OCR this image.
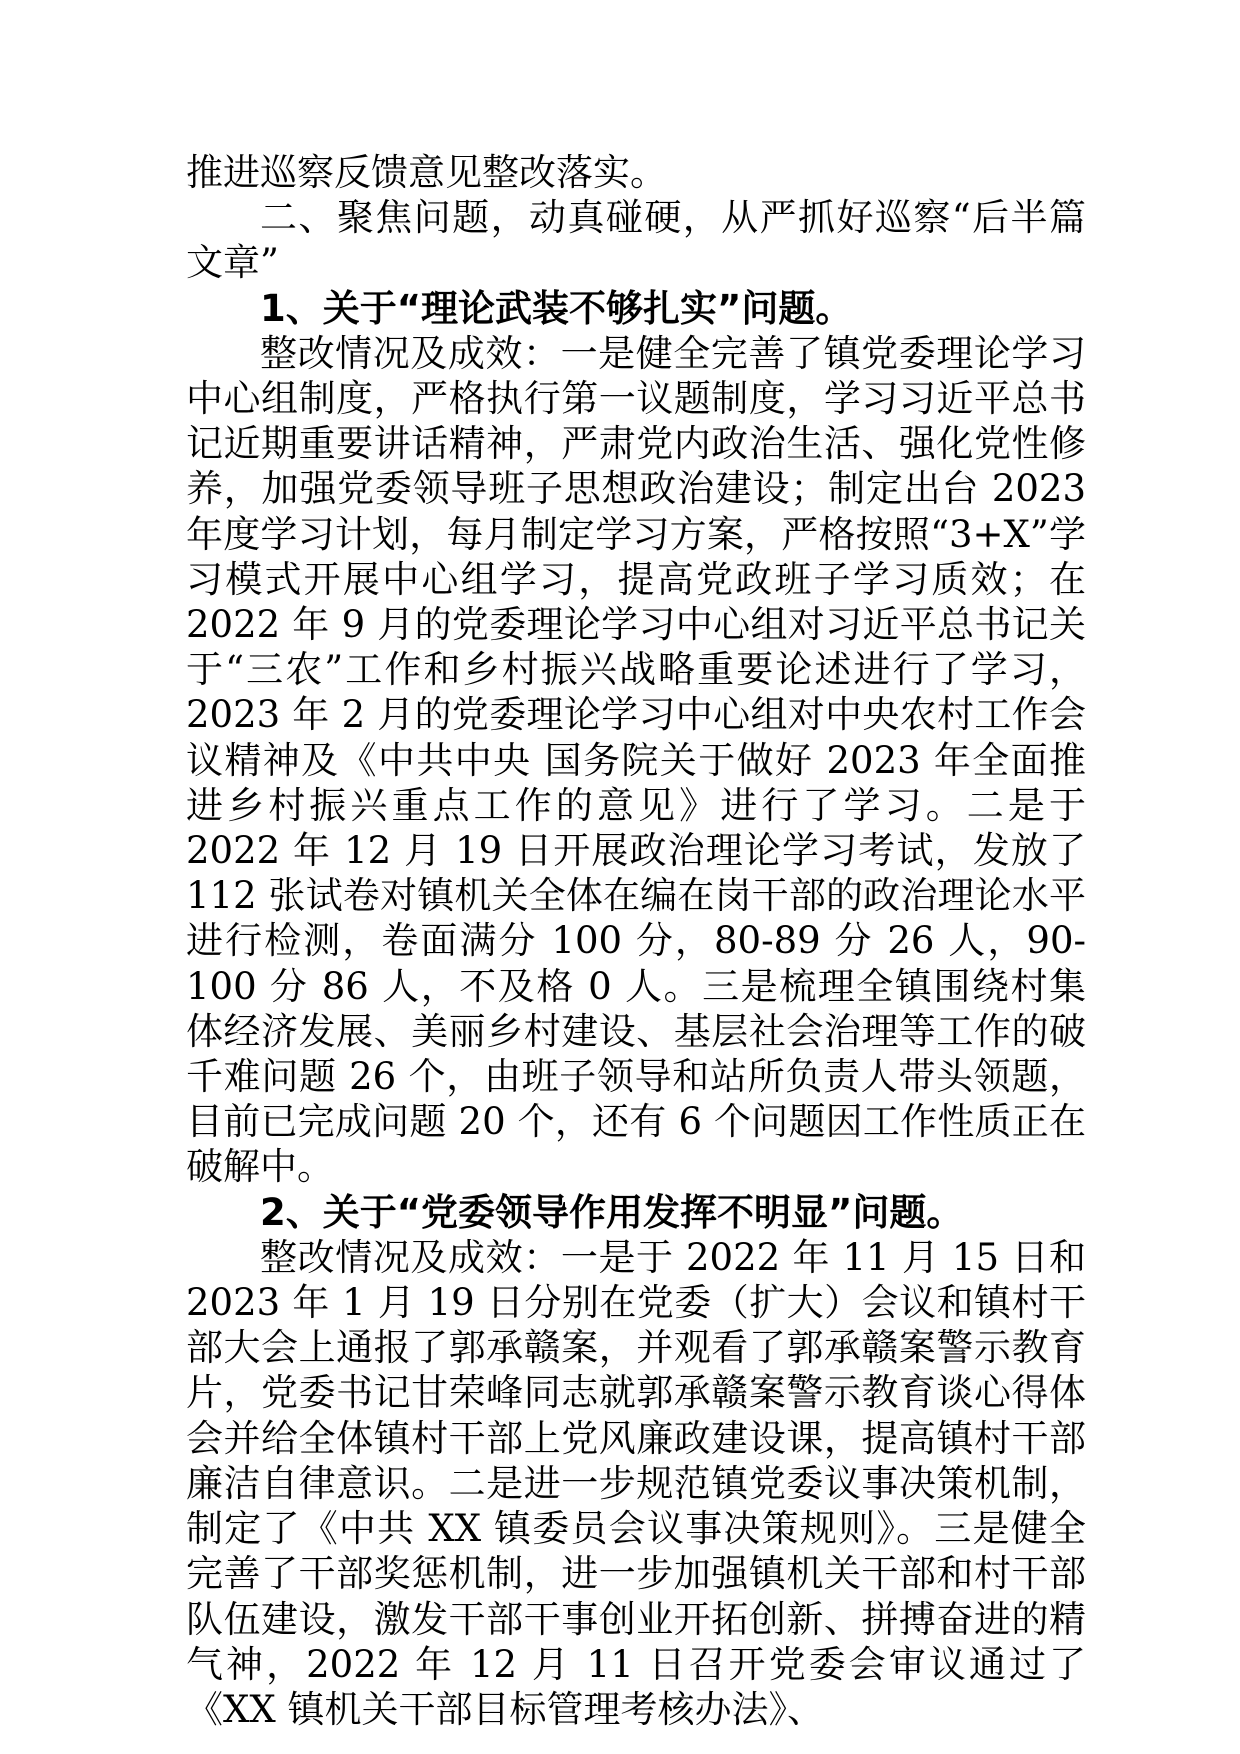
推进巡察反馈意见整改落实。

二、聚焦问题，动真碰硬，从严抓好巡察“后半篇文章”

1、关于“理论武装不够扎实”问题。

整改情况及成效：一是健全完善了镇党委理论学习中心组制度，严格执行第一议题制度，学习习近平总书记近期重要讲话精神，严肃党内政治生活、强化党性修养，加强党委领导班子思想政治建设；制定出台 2023 年度学习计划，每月制定学习方案，严格按照“3+X”学习模式开展中心组学习，提高党政班子学习质效；在 2022 年 9 月的党委理论学习中心组对习近平总书记关于“三农”工作和乡村振兴战略重要论述进行了学习，2023 年 2 月的党委理论学习中心组对中央农村工作会议精神及《中共中央 国务院关于做好 2023 年全面推进乡村振兴重点工作的意见》进行了学习。二是于 2022 年 12 月 19 日开展政治理论学习考试，发放了 112 张试卷对镇机关全体在编在岗干部的政治理论水平进行检测，卷面满分 100 分，80-89 分 26 人，90-100 分 86 人，不及格 0 人。三是梳理全镇围绕村集体经济发展、美丽乡村建设、基层社会治理等工作的破千难问题 26 个，由班子领导和站所负责人带头领题，目前已完成问题 20 个，还有 6 个问题因工作性质正在破解中。

2、关于“党委领导作用发挥不明显”问题。

整改情况及成效：一是于 2022 年 11 月 15 日和 2023 年 1 月 19 日分别在党委（扩大）会议和镇村干部大会上通报了郭承赣案，并观看了郭承赣案警示教育片，党委书记甘荣峰同志就郭承赣案警示教育谈心得体会并给全体镇村干部上党风廉政建设课，提高镇村干部廉洁自律意识。二是进一步规范镇党委议事决策机制，制定了《中共 XX 镇委员会议事决策规则》。三是健全完善了干部奖惩机制，进一步加强镇机关干部和村干部队伍建设，激发干部干事创业开拓创新、拼搏奋进的精气神，2022 年 12 月 11 日召开党委会审议通过了《XX 镇机关干部目标管理考核办法》、
